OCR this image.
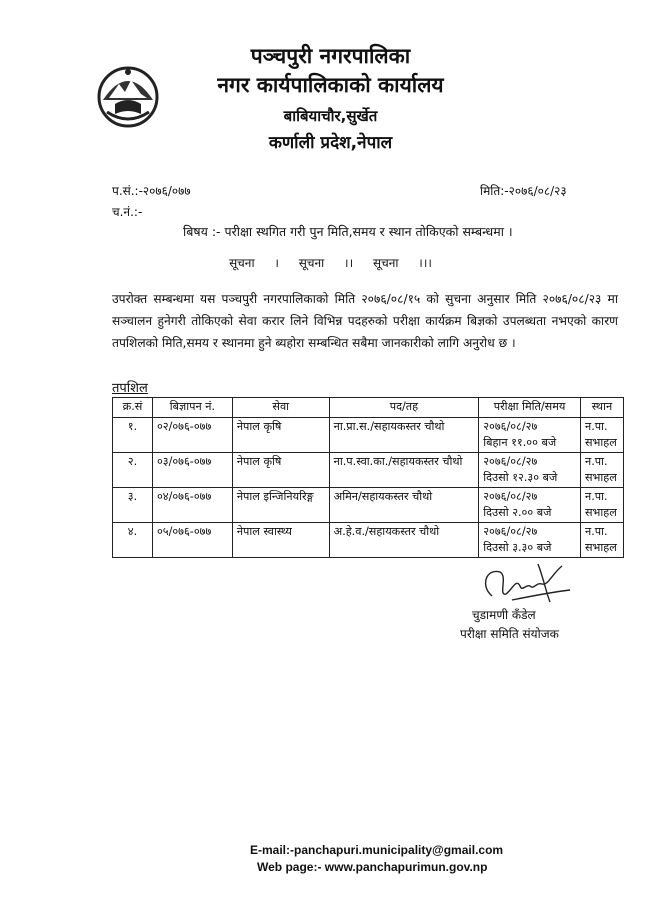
पञ्चपुरी नगरपालिका
नगर कार्यपालिकाको कार्यालय
बाबियाचौर,सुर्खेत
कर्णाली प्रदेश,नेपाल
प.सं.:-२०७६/०७७	मिति:-२०७६/०८/२३
च.नं.:-
बिषय :- परीक्षा स्थगित गरी पुन मिति,समय र स्थान तोकिएको सम्बन्धमा ।
सूचना । सूचना ।। सूचना ।।।
उपरोक्त सम्बन्धमा यस पञ्चपुरी नगरपालिकाको मिति २०७६/०८/१५ को सुचना अनुसार मिति २०७६/०८/२३ मा सञ्चालन हुनेगरी तोकिएको सेवा करार लिने विभिन्न पदहरुको परीक्षा कार्यक्रम बिज्ञको उपलब्धता नभएको कारण तपशिलको मिति,समय र स्थानमा हुने ब्यहोरा सम्बन्धित सबैमा जानकारीको लागि अनुरोध छ ।
तपशिल
क्र.सं	बिज्ञापन नं.	सेवा	पद/तह	परीक्षा मिति/समय	स्थान
१.	०२/०७६-०७७	नेपाल कृषि	ना.प्रा.स./सहायकस्तर चौथो	२०७६/०८/२७
बिहान ११.०० बजे	न.पा. सभाहल
२.	०३/०७६-०७७	नेपाल कृषि	ना.प.स्वा.का./सहायकस्तर चौथो	२०७६/०८/२७
दिउसो १२.३० बजे	न.पा. सभाहल
३.	०४/०७६-०७७	नेपाल इन्जिनियरिङ्ग	अमिन/सहायकस्तर चौथो	२०७६/०८/२७
दिउसो २.०० बजे	न.पा. सभाहल
४.	०५/०७६-०७७	नेपाल स्वास्थ्य	अ.हे.व./सहायकस्तर चौथो	२०७६/०८/२७
दिउसो ३.३० बजे	न.पा. सभाहल
चुडामणी कँडेल
परीक्षा समिति संयोजक
E-mail:-panchapuri.municipality@gmail.com
Web page:- www.panchapurimun.gov.np
